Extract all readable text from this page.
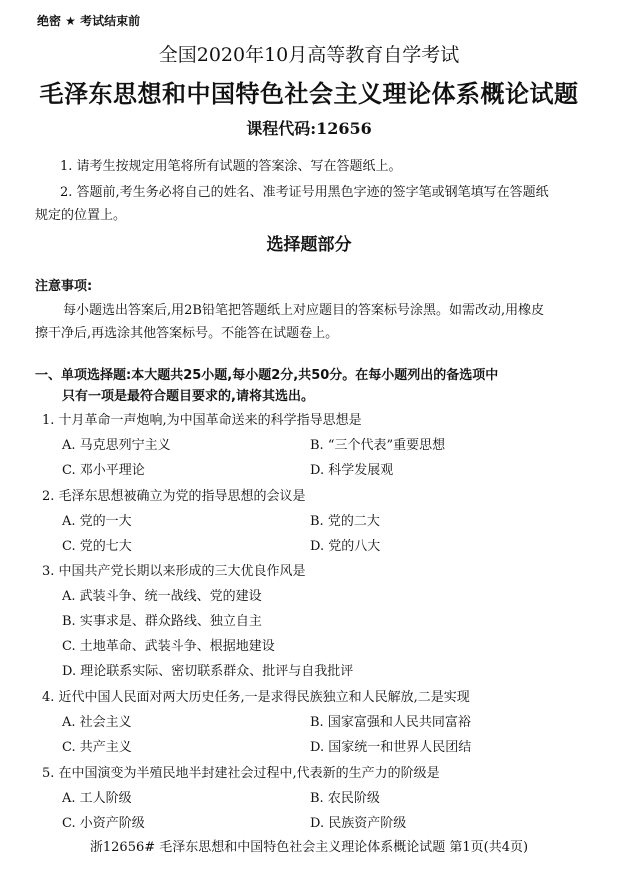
绝密 ★ 考试结束前
全国2020年10月高等教育自学考试
毛泽东思想和中国特色社会主义理论体系概论试题
课程代码:12656
1. 请考生按规定用笔将所有试题的答案涂、写在答题纸上。
2. 答题前,考生务必将自己的姓名、准考证号用黑色字迹的签字笔或钢笔填写在答题纸
规定的位置上。
选择题部分
注意事项:
每小题选出答案后,用2B铅笔把答题纸上对应题目的答案标号涂黑。如需改动,用橡皮
擦干净后,再选涂其他答案标号。不能答在试题卷上。
一、单项选择题:本大题共25小题,每小题2分,共50分。在每小题列出的备选项中
只有一项是最符合题目要求的,请将其选出。
1. 十月革命一声炮响,为中国革命送来的科学指导思想是
A. 马克思列宁主义	B. “三个代表”重要思想
C. 邓小平理论	D. 科学发展观
2. 毛泽东思想被确立为党的指导思想的会议是
A. 党的一大	B. 党的二大
C. 党的七大	D. 党的八大
3. 中国共产党长期以来形成的三大优良作风是
A. 武装斗争、统一战线、党的建设
B. 实事求是、群众路线、独立自主
C. 土地革命、武装斗争、根据地建设
D. 理论联系实际、密切联系群众、批评与自我批评
4. 近代中国人民面对两大历史任务,一是求得民族独立和人民解放,二是实现
A. 社会主义	B. 国家富强和人民共同富裕
C. 共产主义	D. 国家统一和世界人民团结
5. 在中国演变为半殖民地半封建社会过程中,代表新的生产力的阶级是
A. 工人阶级	B. 农民阶级
C. 小资产阶级	D. 民族资产阶级
浙12656# 毛泽东思想和中国特色社会主义理论体系概论试题 第1页(共4页)
